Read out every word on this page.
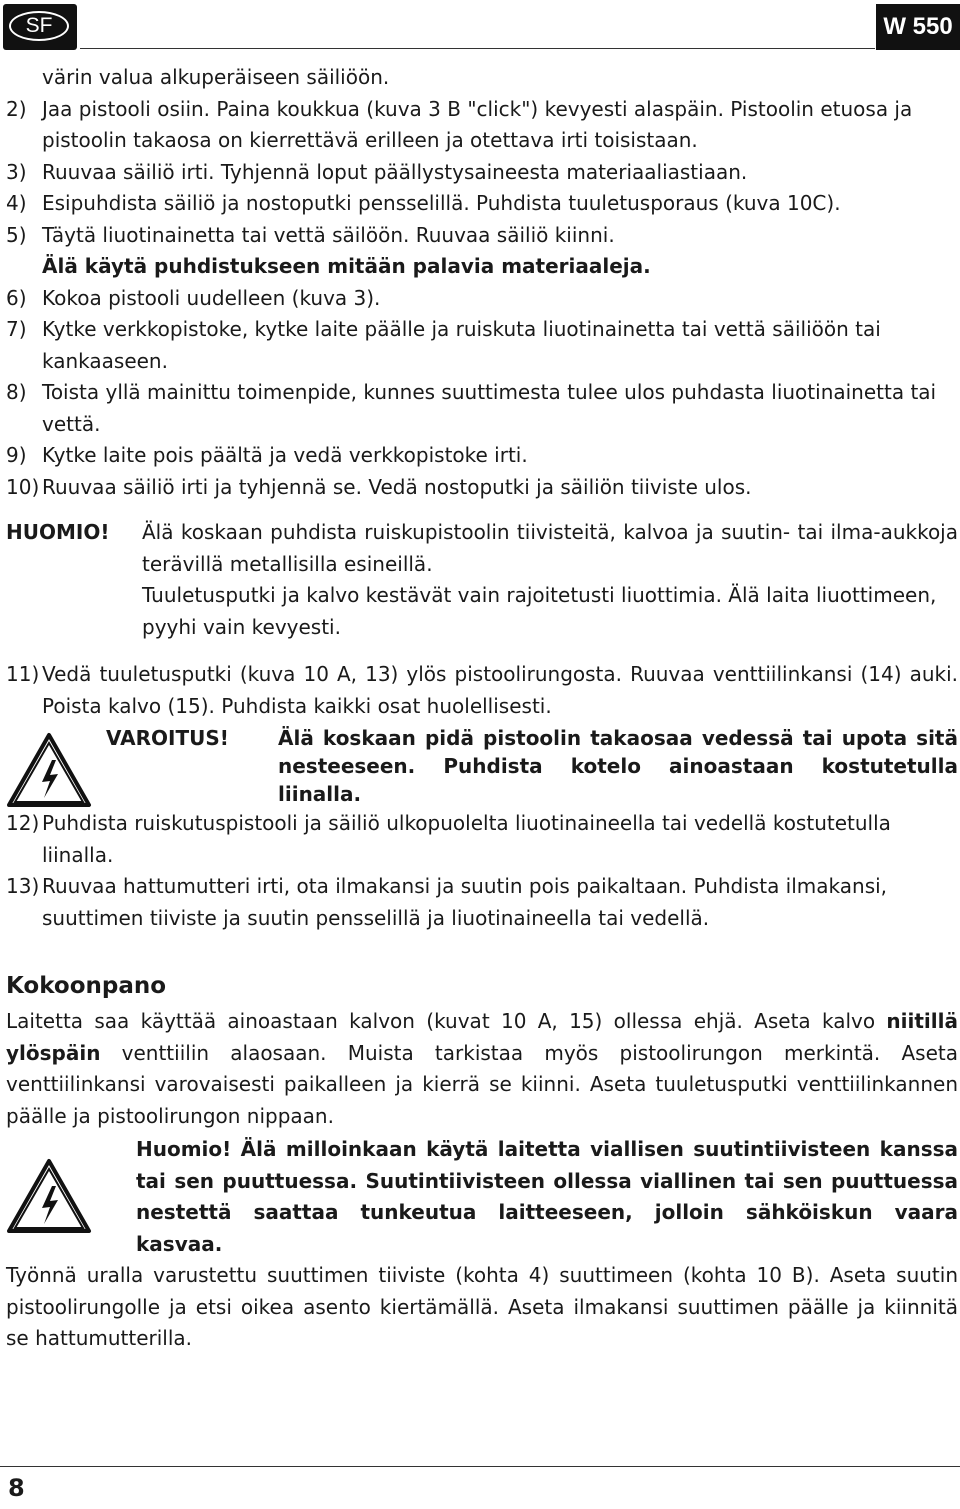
SF	W 550

värin valua alkuperäiseen säiliöön.

2) Jaa pistooli osiin. Paina koukkua (kuva 3 B "click") kevyesti alaspäin. Pistoolin etuosa ja pistoolin takaosa on kierrettävä erilleen ja otettava irti toisistaan.

3) Ruuvaa säiliö irti. Tyhjennä loput päällystysaineesta materiaaliastiaan.

4) Esipuhdista säiliö ja nostoputki pensselillä. Puhdista tuuletusporaus (kuva 10C).

5) Täytä liuotinainetta tai vettä säilöön. Ruuvaa säiliö kiinni.

Älä käytä puhdistukseen mitään palavia materiaaleja.

6) Kokoa pistooli uudelleen (kuva 3).

7) Kytke verkkopistoke, kytke laite päälle ja ruiskuta liuotinainetta tai vettä säiliöön tai kankaaseen.

8) Toista yllä mainittu toimenpide, kunnes suuttimesta tulee ulos puhdasta liuotinainetta tai vettä.

9) Kytke laite pois päältä ja vedä verkkopistoke irti.

10) Ruuvaa säiliö irti ja tyhjennä se. Vedä nostoputki ja säiliön tiiviste ulos.

HUOMIO! Älä koskaan puhdista ruiskupistoolin tiivisteitä, kalvoa ja suutin- tai ilma-aukkoja terävillä metallisilla esineillä.

Tuuletusputki ja kalvo kestävät vain rajoitetusti liuottimia. Älä laita liuottimeen, pyyhi vain kevyesti.

11) Vedä tuuletusputki (kuva 10 A, 13) ylös pistoolirungosta. Ruuvaa venttiilinkansi (14) auki. Poista kalvo (15). Puhdista kaikki osat huolellisesti.

VAROITUS!	Älä koskaan pidä pistoolin takaosaa vedessä tai upota sitä nesteeseen. Puhdista kotelo ainoastaan kostutetulla liinalla.

12) Puhdista ruiskutuspistooli ja säiliö ulkopuolelta liuotinaineella tai vedellä kostutetulla liinalla.

13) Ruuvaa hattumutteri irti, ota ilmakansi ja suutin pois paikaltaan. Puhdista ilmakansi, suuttimen tiiviste ja suutin pensselillä ja liuotinaineella tai vedellä.

Kokoonpano

Laitetta saa käyttää ainoastaan kalvon (kuvat 10 A, 15) ollessa ehjä. Aseta kalvo niitillä ylöspäin venttiilin alaosaan. Muista tarkistaa myös pistoolirungon merkintä. Aseta venttiilinkansi varovaisesti paikalleen ja kierrä se kiinni. Aseta tuuletusputki venttiilinkannen päälle ja pistoolirungon nippaan.

Huomio! Älä milloinkaan käytä laitetta viallisen suutintiivisteen kanssa tai sen puuttuessa. Suutintiivisteen ollessa viallinen tai sen puuttuessa nestettä saattaa tunkeutua laitteeseen, jolloin sähköiskun vaara kasvaa.

Työnnä uralla varustettu suuttimen tiiviste (kohta 4) suuttimeen (kohta 10 B). Aseta suutin pistoolirungolle ja etsi oikea asento kiertämällä. Aseta ilmakansi suuttimen päälle ja kiinnitä se hattumutterilla.

8
